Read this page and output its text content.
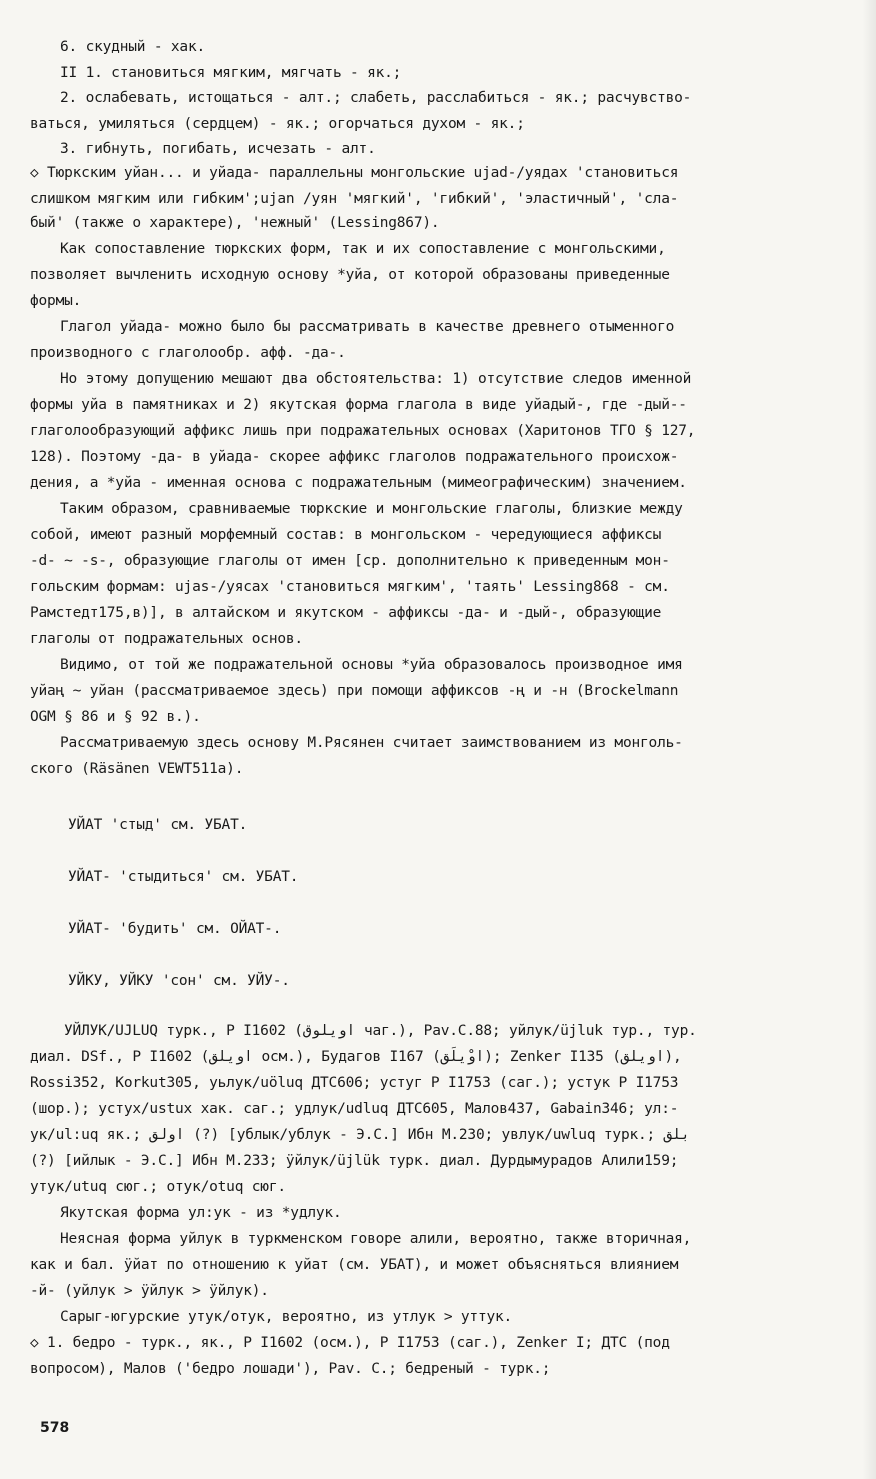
6. скудный - хак.
II 1. становиться мягким, мягчать - як.;
2. ослабевать, истощаться - алт.; слабеть, расслабиться - як.; расчувство-
ваться, умиляться (сердцем) - як.; огорчаться духом - як.;
3. гибнуть, погибать, исчезать - алт.
◇ Тюркским уйан... и уйада- параллельны монгольские ujad-/уядах 'становиться
слишком мягким или гибким';ujan /уян 'мягкий', 'гибкий', 'эластичный', 'сла-
бый' (также о характере), 'нежный' (Lessing867).
Как сопоставление тюркских форм, так и их сопоставление с монгольскими,
позволяет вычленить исходную основу *уйа, от которой образованы приведенные
формы.
Глагол уйада- можно было бы рассматривать в качестве древнего отыменного
производного с глаголообр. афф. -да-.
Но этому допущению мешают два обстоятельства: 1) отсутствие следов именной
формы уйа в памятниках и 2) якутская форма глагола в виде уйадый-, где -дый--
глаголообразующий аффикс лишь при подражательных основах (Харитонов ТГО § 127,
128). Поэтому -да- в уйада- скорее аффикс глаголов подражательного происхож-
дения, а *уйа - именная основа с подражательным (мимеографическим) значением.
Таким образом, сравниваемые тюркские и монгольские глаголы, близкие между
собой, имеют разный морфемный состав: в монгольском - чередующиеся аффиксы
-d- ~ -s-, образующие глаголы от имен [ср. дополнительно к приведенным мон-
гольским формам: ujas-/уясах 'становиться мягким', 'таять' Lessing868 - см.
Рамстедт175,в)], в алтайском и якутском - аффиксы -да- и -дый-, образующие
глаголы от подражательных основ.
Видимо, от той же подражательной основы *уйа образовалось производное имя
уйаң ~ уйан (рассматриваемое здесь) при помощи аффиксов -ң и -н (Brockelmann
OGM § 86 и § 92 в.).
Рассматриваемую здесь основу М.Рясянен считает заимствованием из монголь-
ского (Räsänen VEWT511a).
УЙАТ 'стыд' см. УБАТ.
УЙАТ- 'стыдиться' см. УБАТ.
УЙАТ- 'будить' см. ОЙАТ-.
УЙКУ, УЙКУ 'сон' см. УЙУ-.
УЙЛУК/UJLUQ турк., P I1602 (اويلوق чаг.), Pav.C.88; уйлук/üjluk тур., тур.
диал. DSf., P I1602 (اويلق осм.), Будагов I167 (اوْيلَق); Zenker I135 (اويلق),
Rossi352, Korkut305, уьлук/uöluq ДТС606; устуг P I1753 (саг.); устук P I1753
(шор.); устух/ustux хак. саг.; удлук/udluq ДТС605, Малов437, Gabain346; ул:-
ук/ul:uq як.; اولق (?) [ублык/ублук - Э.С.] Ибн М.230; увлук/uwluq турк.; بلق
(?) [ийлык - Э.С.] Ибн М.233; ӱйлук/üjlük турк. диал. Дурдымурадов Алили159;
утук/utuq сюг.; отук/otuq сюг.
Якутская форма ул:ук - из *удлук.
Неясная форма уйлук в туркменском говоре алили, вероятно, также вторичная,
как и бал. ӱйат по отношению к уйат (см. УБАТ), и может объясняться влиянием
-й- (уйлук > ӱйлук > ӱйлук).
Сарыг-югурские утук/отук, вероятно, из утлук > уттук.
◇ 1. бедро - турк., як., P I1602 (осм.), P I1753 (саг.), Zenker I; ДТС (под
вопросом), Малов ('бедро лошади'), Pav. C.; бедреный - турк.;
578
